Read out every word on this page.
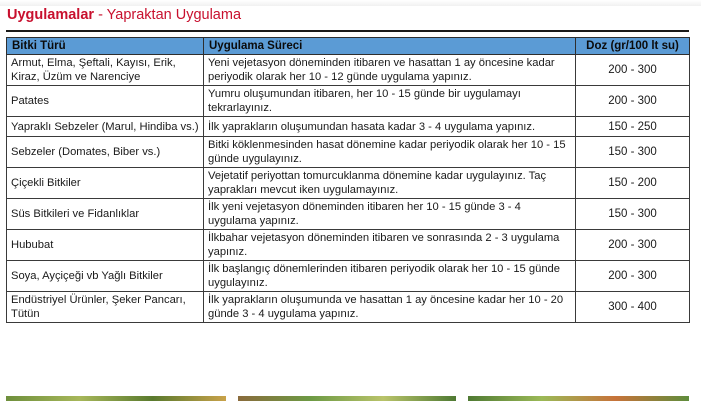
Uygulamalar - Yapraktan Uygulama
Bitki Türü	Uygulama Süreci	Doz (gr/100 lt su)
Armut, Elma, Şeftali, Kayısı, Erik, Kiraz, Üzüm ve Narenciye	Yeni vejetasyon döneminden itibaren ve hasattan 1 ay öncesine kadar periyodik olarak her 10 - 12 günde uygulama yapınız.	200 - 300
Patates	Yumru oluşumundan itibaren, her 10 - 15 günde bir uygulamayı tekrarlayınız.	200 - 300
Yapraklı Sebzeler (Marul, Hindiba vs.)	İlk yaprakların oluşumundan hasata kadar 3 - 4 uygulama yapınız.	150 - 250
Sebzeler (Domates, Biber vs.)	Bitki köklenmesinden hasat dönemine kadar periyodik olarak her 10 - 15 günde uygulayınız.	150 - 300
Çiçekli Bitkiler	Vejetatif periyottan tomurcuklanma dönemine kadar uygulayınız. Taç yaprakları mevcut iken uygulamayınız.	150 - 200
Süs Bitkileri ve Fidanlıklar	İlk yeni vejetasyon döneminden itibaren her 10 - 15 günde 3 - 4 uygulama yapınız.	150 - 300
Hububat	İlkbahar vejetasyon döneminden itibaren ve sonrasında 2 - 3 uygulama yapınız.	200 - 300
Soya, Ayçiçeği vb Yağlı Bitkiler	İlk başlangıç dönemlerinden itibaren periyodik olarak her 10 - 15 günde uygulayınız.	200 - 300
Endüstriyel Ürünler, Şeker Pancarı, Tütün	İlk yaprakların oluşumunda ve hasattan 1 ay öncesine kadar her 10 - 20 günde 3 - 4 uygulama yapınız.	300 - 400
